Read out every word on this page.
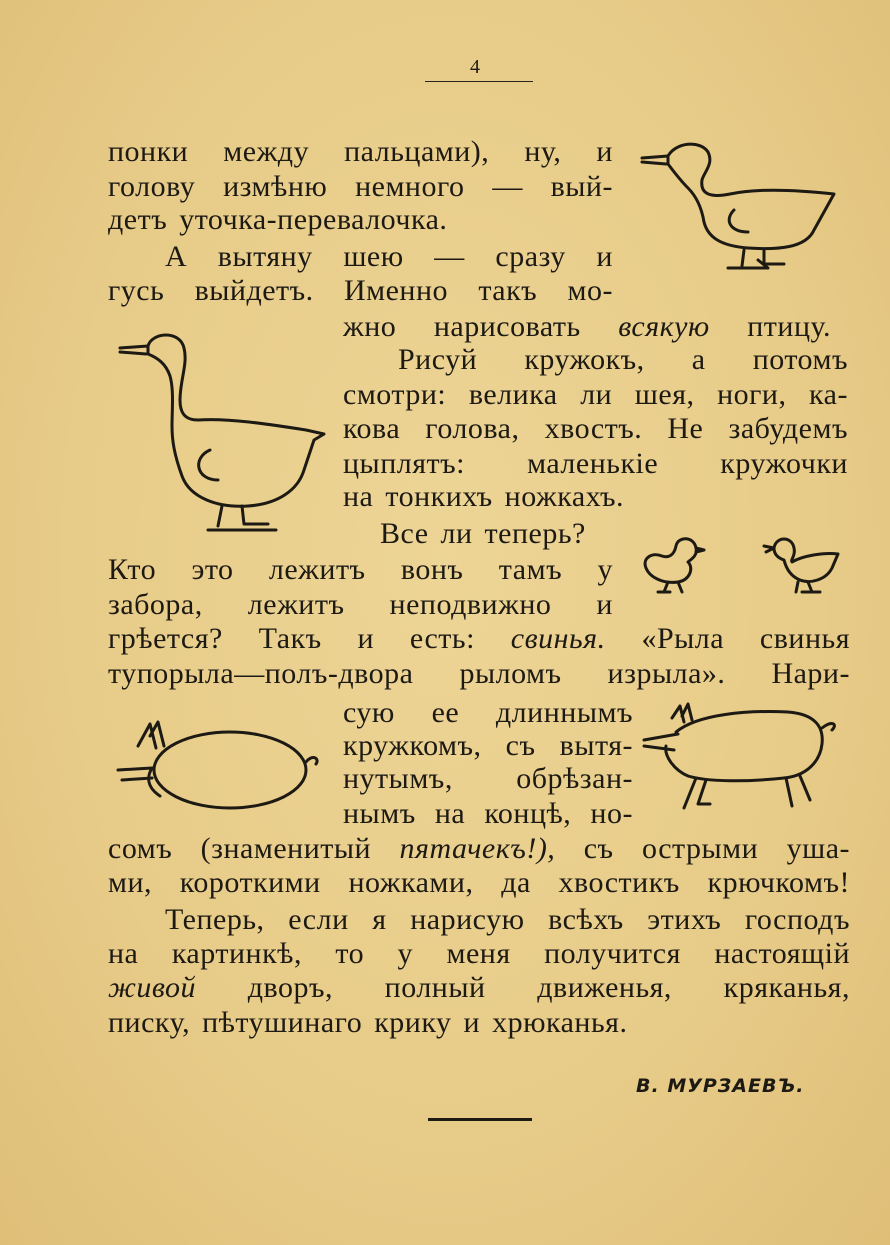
4
понки между пальцами), ну, и
голову измѣню немного — вый-
детъ уточка-перевалочка.
А вытяну шею — сразу и
гусь выйдетъ. Именно такъ мо-
жно нарисовать всякую птицу.
Рисуй кружокъ, а потомъ
смотри: велика ли шея, ноги, ка-
кова голова, хвостъ. Не забудемъ
цыплятъ: маленькіе кружочки
на тонкихъ ножкахъ.
Все ли теперь?
Кто это лежитъ вонъ тамъ у
забора, лежитъ неподвижно и
грѣется? Такъ и есть: свинья. «Рыла свинья
тупорыла—полъ-двора рыломъ изрыла». Нари-
сую ее длиннымъ
кружкомъ, съ вытя-
нутымъ, обрѣзан-
нымъ на концѣ, но-
сомъ (знаменитый пятачекъ!), съ острыми уша-
ми, короткими ножками, да хвостикъ крючкомъ!
Теперь, если я нарисую всѣхъ этихъ господъ
на картинкѣ, то у меня получится настоящій
живой дворъ, полный движенья, кряканья,
писку, пѣтушинаго крику и хрюканья.
В. МУРЗАЕВЪ.
